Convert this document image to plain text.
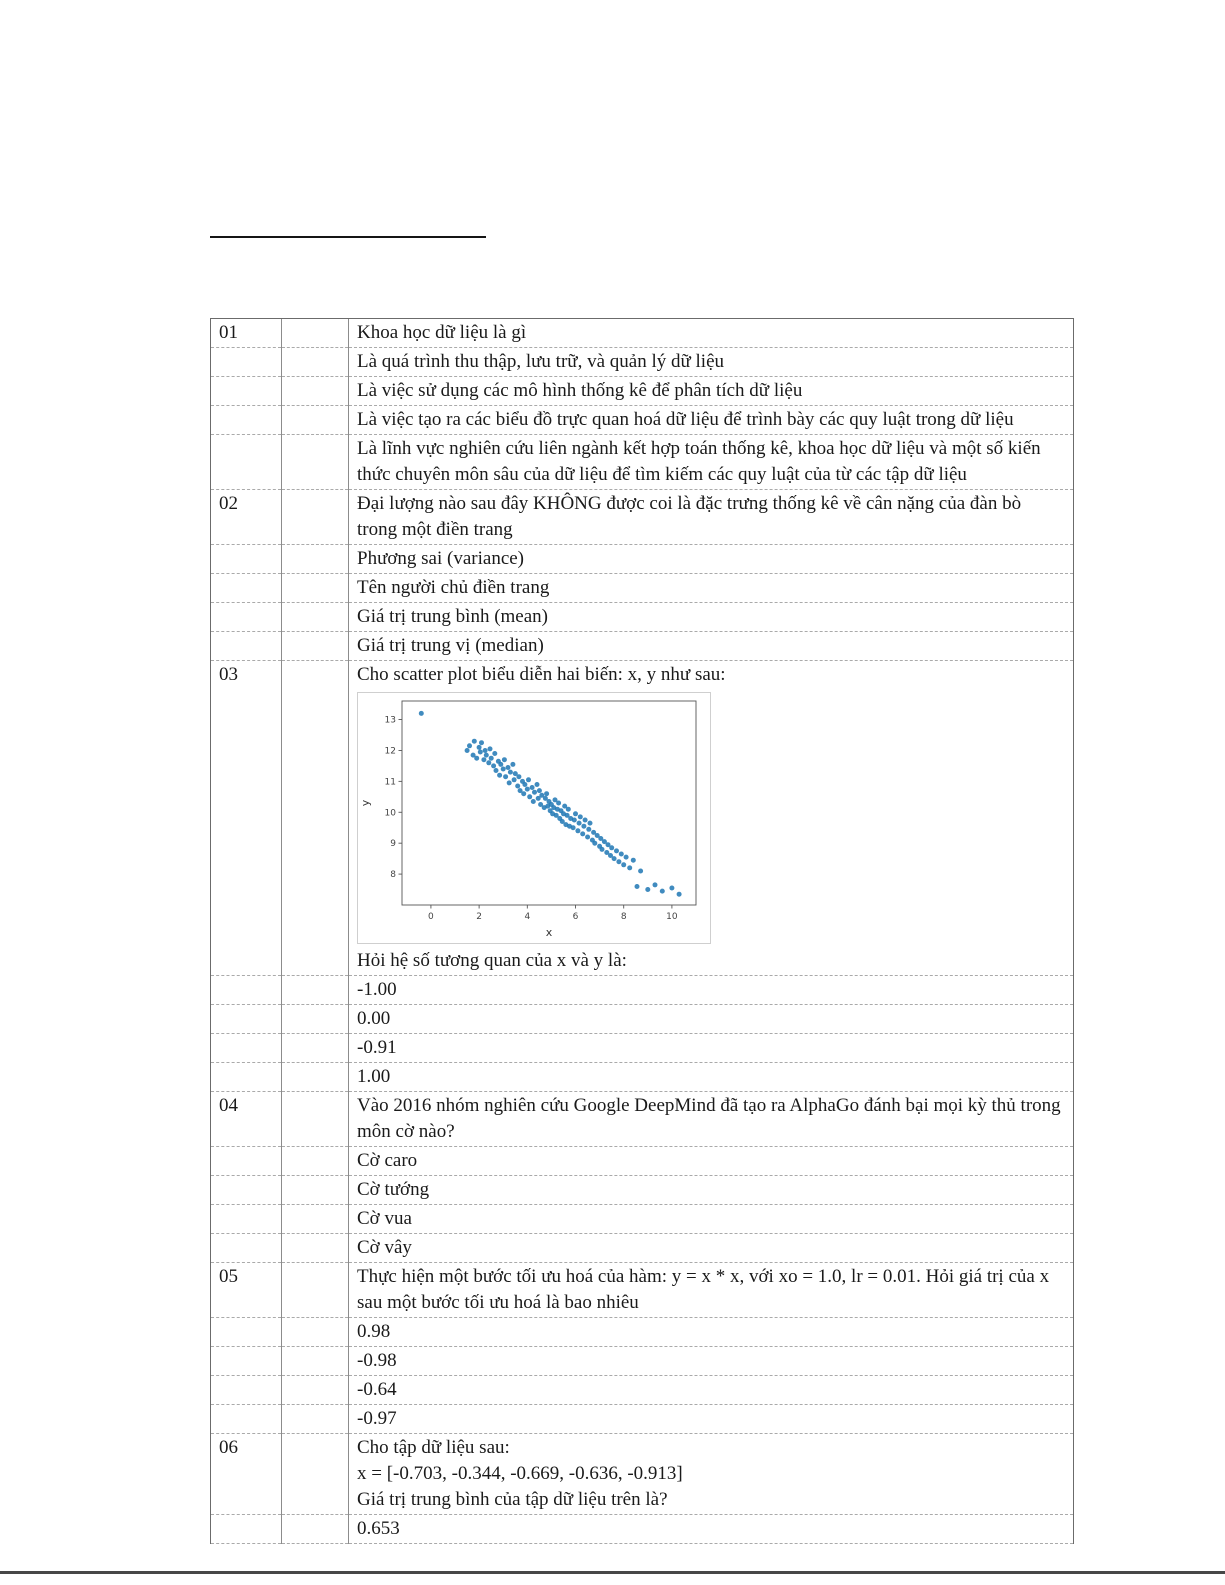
01		Khoa học dữ liệu là gì

		Là quá trình thu thập, lưu trữ, và quản lý dữ liệu

		Là việc sử dụng các mô hình thống kê để phân tích dữ liệu

		Là việc tạo ra các biểu đồ trực quan hoá dữ liệu để trình bày các quy luật trong dữ liệu

		Là lĩnh vực nghiên cứu liên ngành kết hợp toán thống kê, khoa học dữ liệu và một số kiến thức chuyên môn sâu của dữ liệu để tìm kiếm các quy luật của từ các tập dữ liệu

02		Đại lượng nào sau đây KHÔNG được coi là đặc trưng thống kê về cân nặng của đàn bò trong một điền trang

		Phương sai (variance)

		Tên người chủ điền trang

		Giá trị trung bình (mean)

		Giá trị trung vị (median)

03		Cho scatter plot biểu diễn hai biến: x, y như sau:
0	2	4	6	8	10
8
9
10
11
12
13
x
y
Hỏi hệ số tương quan của x và y là:

		-1.00

		0.00

		-0.91

		1.00

04		Vào 2016 nhóm nghiên cứu Google DeepMind đã tạo ra AlphaGo đánh bại mọi kỳ thủ trong môn cờ nào?

		Cờ caro

		Cờ tướng

		Cờ vua

		Cờ vây

05		Thực hiện một bước tối ưu hoá của hàm: y = x * x, với xo = 1.0, lr = 0.01. Hỏi giá trị của x sau một bước tối ưu hoá là bao nhiêu

		0.98

		-0.98

		-0.64

		-0.97

06		Cho tập dữ liệu sau:
x = [-0.703, -0.344, -0.669, -0.636, -0.913]
Giá trị trung bình của tập dữ liệu trên là?

		0.653
